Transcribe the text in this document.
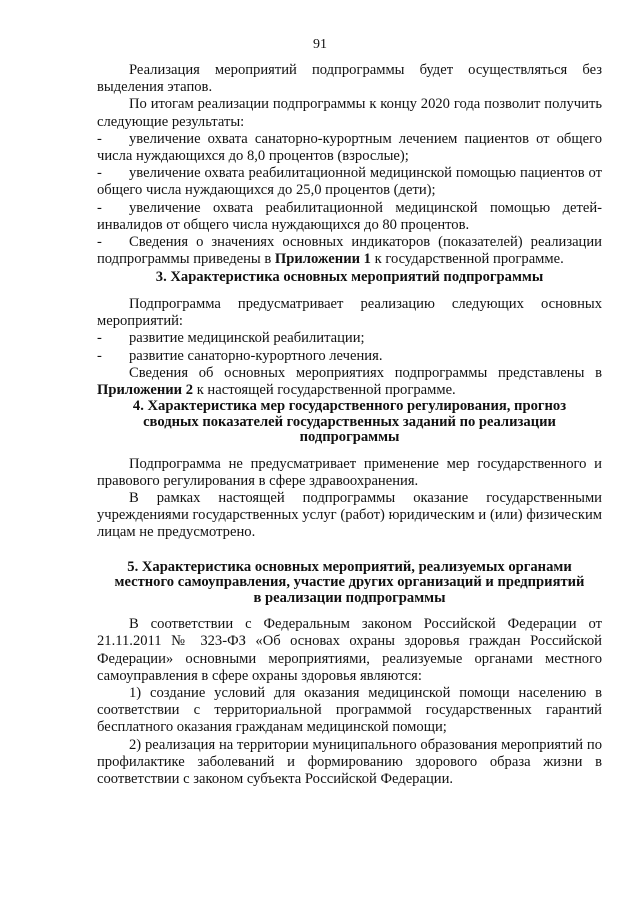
91

Реализация мероприятий подпрограммы будет осуществляться без выделения этапов.

По итогам реализации подпрограммы к концу 2020 года позволит получить следующие результаты:

- увеличение охвата санаторно-курортным лечением пациентов от общего числа нуждающихся до 8,0 процентов (взрослые);

- увеличение охвата реабилитационной медицинской помощью пациентов от общего числа нуждающихся до 25,0 процентов (дети);

- увеличение охвата реабилитационной медицинской помощью детей-инвалидов от общего числа нуждающихся до 80 процентов.

- Сведения о значениях основных индикаторов (показателей) реализации подпрограммы приведены в Приложении 1 к государственной программе.

3. Характеристика основных мероприятий подпрограммы

Подпрограмма предусматривает реализацию следующих основных мероприятий:

- развитие медицинской реабилитации;

- развитие санаторно-курортного лечения.

Сведения об основных мероприятиях подпрограммы представлены в Приложении 2 к настоящей государственной программе.

4. Характеристика мер государственного регулирования, прогноз
сводных показателей государственных заданий по реализации
подпрограммы

Подпрограмма не предусматривает применение мер государственного и правового регулирования в сфере здравоохранения.

В рамках настоящей подпрограммы оказание государственными учреждениями государственных услуг (работ) юридическим и (или) физическим лицам не предусмотрено.

5. Характеристика основных мероприятий, реализуемых органами
местного самоуправления, участие других организаций и предприятий
в реализации подпрограммы

В соответствии с Федеральным законом Российской Федерации от 21.11.2011 № 323-ФЗ «Об основах охраны здоровья граждан Российской Федерации» основными мероприятиями, реализуемые органами местного самоуправления в сфере охраны здоровья являются:

1) создание условий для оказания медицинской помощи населению в соответствии с территориальной программой государственных гарантий бесплатного оказания гражданам медицинской помощи;

2) реализация на территории муниципального образования мероприятий по профилактике заболеваний и формированию здорового образа жизни в соответствии с законом субъекта Российской Федерации.
